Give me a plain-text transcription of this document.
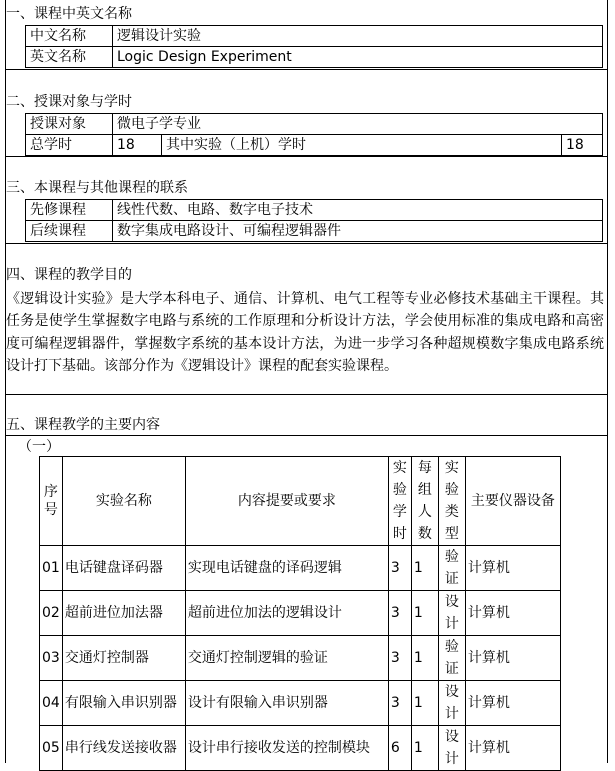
一、课程中英文名称
中文名称	逻辑设计实验
英文名称	Logic Design Experiment
二、授课对象与学时
授课对象	微电子学专业		
总学时	18	其中实验（上机）学时	18
三、本课程与其他课程的联系
先修课程	线性代数、电路、数字电子技术
后续课程	数字集成电路设计、可编程逻辑器件
四、课程的教学目的
《逻辑设计实验》是大学本科电子、通信、计算机、电气工程等专业必修技术基础主干课程。其任务是使学生掌握数字电路与系统的工作原理和分析设计方法，学会使用标准的集成电路和高密度可编程逻辑器件，掌握数字系统的基本设计方法，为进一步学习各种超规模数字集成电路系统设计打下基础。该部分作为《逻辑设计》课程的配套实验课程。
五、课程教学的主要内容
（一）
序号	实验名称	内容提要或要求	实验学时	每组人数	实验类型	主要仪器设备
01	电话键盘译码器	实现电话键盘的译码逻辑	3	1	验证	计算机
02	超前进位加法器	超前进位加法的逻辑设计	3	1	设计	计算机
03	交通灯控制器	交通灯控制逻辑的验证	3	1	验证	计算机
04	有限输入串识别器	设计有限输入串识别器	3	1	设计	计算机
05	串行线发送接收器	设计串行接收发送的控制模块	6	1	设计	计算机
